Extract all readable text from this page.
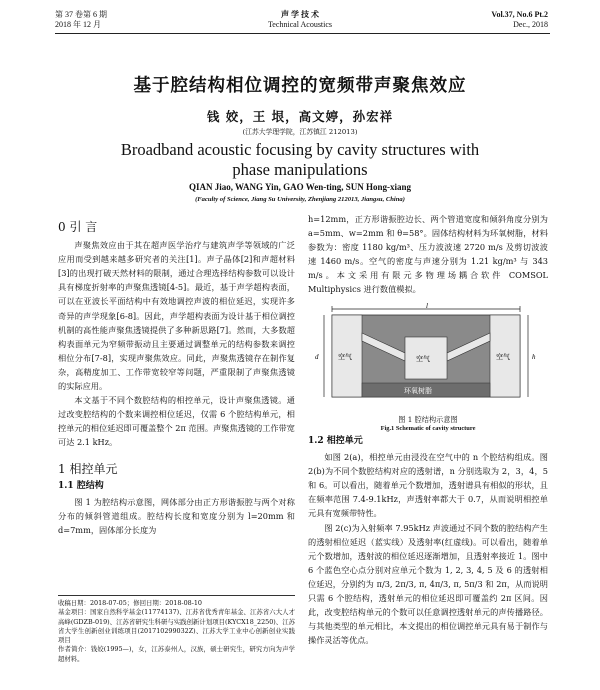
第 37 卷第 6 期
2018 年 12 月
声 学 技 术
Technical Acoustics
Vol.37, No.6 Pt.2
Dec., 2018
基于腔结构相位调控的宽频带声聚焦效应
钱 姣，王 垠，高文婷，孙宏祥
(江苏大学理学院，江苏镇江 212013)
Broadband acoustic focusing by cavity structures with phase manipulations
QIAN Jiao, WANG Yin, GAO Wen-ting, SUN Hong-xiang
(Faculty of Science, Jiang Su University, Zhenjiang 212013, Jiangsu, China)
0 引 言

声聚焦效应由于其在超声医学治疗与建筑声学等领域的广泛应用而受到越来越多研究者的关注[1]。声子晶体[2]和声超材料[3]的出现打破天然材料的限制，通过合理选择结构参数可以设计具有梯度折射率的声聚焦透镜[4-5]。最近，基于声学超构表面，可以在亚波长平面结构中有效地调控声波的相位延迟，实现许多奇异的声学现象[6-8]。因此，声学超构表面为设计基于相位调控机制的高性能声聚焦透镜提供了多种新思路[7]。然而，大多数超构表面单元为窄频带振动且主要通过调整单元的结构参数来调控相位分布[7-8]，实现声聚焦效应。同此，声聚焦透镜存在制作复杂，高精度加工、工作带宽较窄等问题，严重限制了声聚焦透镜的实际应用。

本文基于不同个数腔结构的相控单元，设计声聚焦透镜。通过改变腔结构的个数来调控相位延迟，仅需 6 个腔结构单元，相控单元的相位延迟即可覆盖整个 2π 范围。声聚焦透镜的工作带宽可达 2.1 kHz。

1 相控单元
1.1 腔结构

图 1 为腔结构示意图，网体部分由正方形谐振腔与两个对称分布的倾斜管道组成。腔结构长度和宽度分别为 l=20mm 和 d=7mm，固体部分长度为

收稿日期：2018-07-05；修回日期：2018-08-10
基金项目：国家自然科学基金(11774137)、江苏省优秀青年基金、江苏省六大人才高峰(GDZB-019)、江苏省研究生科研与实践创新计划项目(KYCX18_2250)、江苏省大学生创新创业训练项目(201710299032Z)、江苏大学工业中心创新创业实践项目
作者简介：钱姣(1995—)，女，江苏泰州人，汉族，硕士研究生，研究方向为声学超材料。
h=12mm，正方形谐振腔边长、两个管道宽度和倾斜角度分别为 a=5mm、w=2mm 和 θ=58°。固体结构材料为环氧树脂，材料参数为：密度 1180 kg/m³、压力波波速 2720 m/s 及剪切波波速 1460 m/s。空气的密度与声速分别为 1.21 kg/m³ 与 343 m/s。本文采用有限元多物理场耦合软件 COMSOL Multiphysics 进行数值模拟。
l
环氧树脂
空气	空气	空气
d	h
图 1 腔结构示意图
Fig.1 Schematic of cavity structure
1.2 相控单元

如图 2(a)，相控单元由浸没在空气中的 n 个腔结构组成。图 2(b)为不同个数腔结构对应的透射谱，n 分别选取为 2，3，4，5 和 6。可以看出，随着单元个数增加，透射谱具有相似的形状，且在频率范围 7.4-9.1kHz，声透射率都大于 0.7，从而说明相控单元具有宽频带特性。

图 2(c)为入射频率 7.95kHz 声波通过不同个数的腔结构产生的透射相位延迟（蓝实线）及透射率(红虚线)。可以看出，随着单元个数增加，透射波的相位延迟逐渐增加，且透射率接近 1。图中 6 个蓝色空心点分别对应单元个数为 1, 2, 3, 4, 5 及 6 的透射相位延迟，分别约为 π/3, 2π/3, π, 4π/3, π, 5π/3 和 2π，从而说明只需 6 个腔结构，透射单元的相位延迟即可覆盖约 2π 区间。因此，改变腔结构单元的个数可以任意调控透射单元的声传播路径。与其他类型的单元相比，本文提出的相位调控单元具有易于制作与操作灵活等优点。
